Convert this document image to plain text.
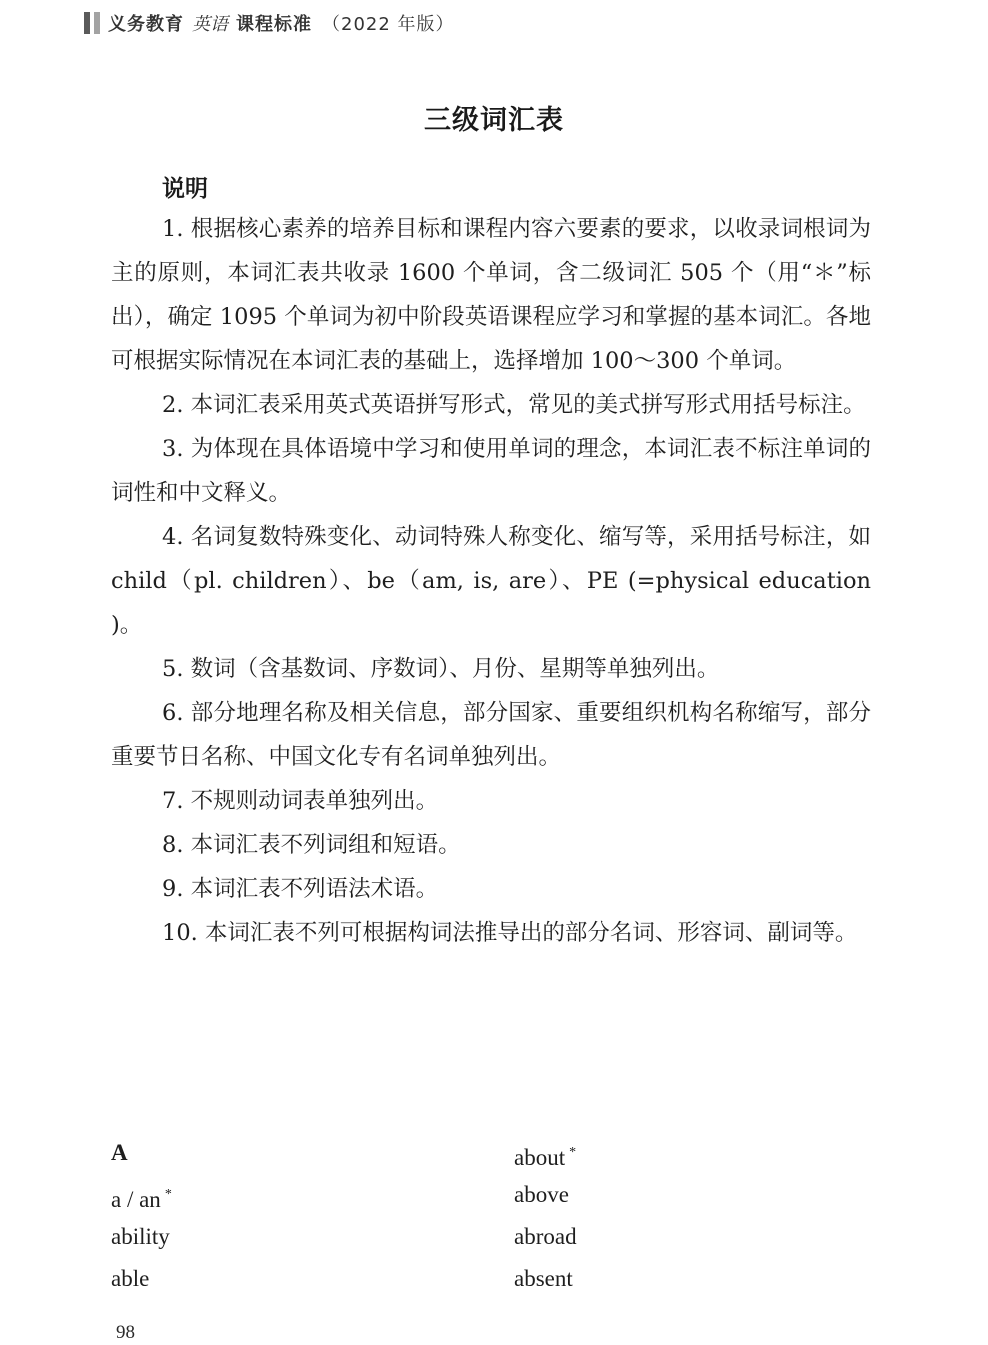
义务教育 英语 课程标准 （2022 年版）
三级词汇表
说明

1. 根据核心素养的培养目标和课程内容六要素的要求，以收录词根词为主的原则，本词汇表共收录 1600 个单词，含二级词汇 505 个（用“＊”标出），确定 1095 个单词为初中阶段英语课程应学习和掌握的基本词汇。各地可根据实际情况在本词汇表的基础上，选择增加 100～300 个单词。

2. 本词汇表采用英式英语拼写形式，常见的美式拼写形式用括号标注。

3. 为体现在具体语境中学习和使用单词的理念，本词汇表不标注单词的词性和中文释义。

4. 名词复数特殊变化、动词特殊人称变化、缩写等，采用括号标注，如 child（pl. children）、be（am, is, are）、PE (=physical education )。

5. 数词（含基数词、序数词）、月份、星期等单独列出。

6. 部分地理名称及相关信息，部分国家、重要组织机构名称缩写，部分重要节日名称、中国文化专有名词单独列出。

7. 不规则动词表单独列出。

8. 本词汇表不列词组和短语。

9. 本词汇表不列语法术语。

10. 本词汇表不列可根据构词法推导出的部分名词、形容词、副词等。

A
a / an *
ability
able
about *
above
abroad
absent
98
